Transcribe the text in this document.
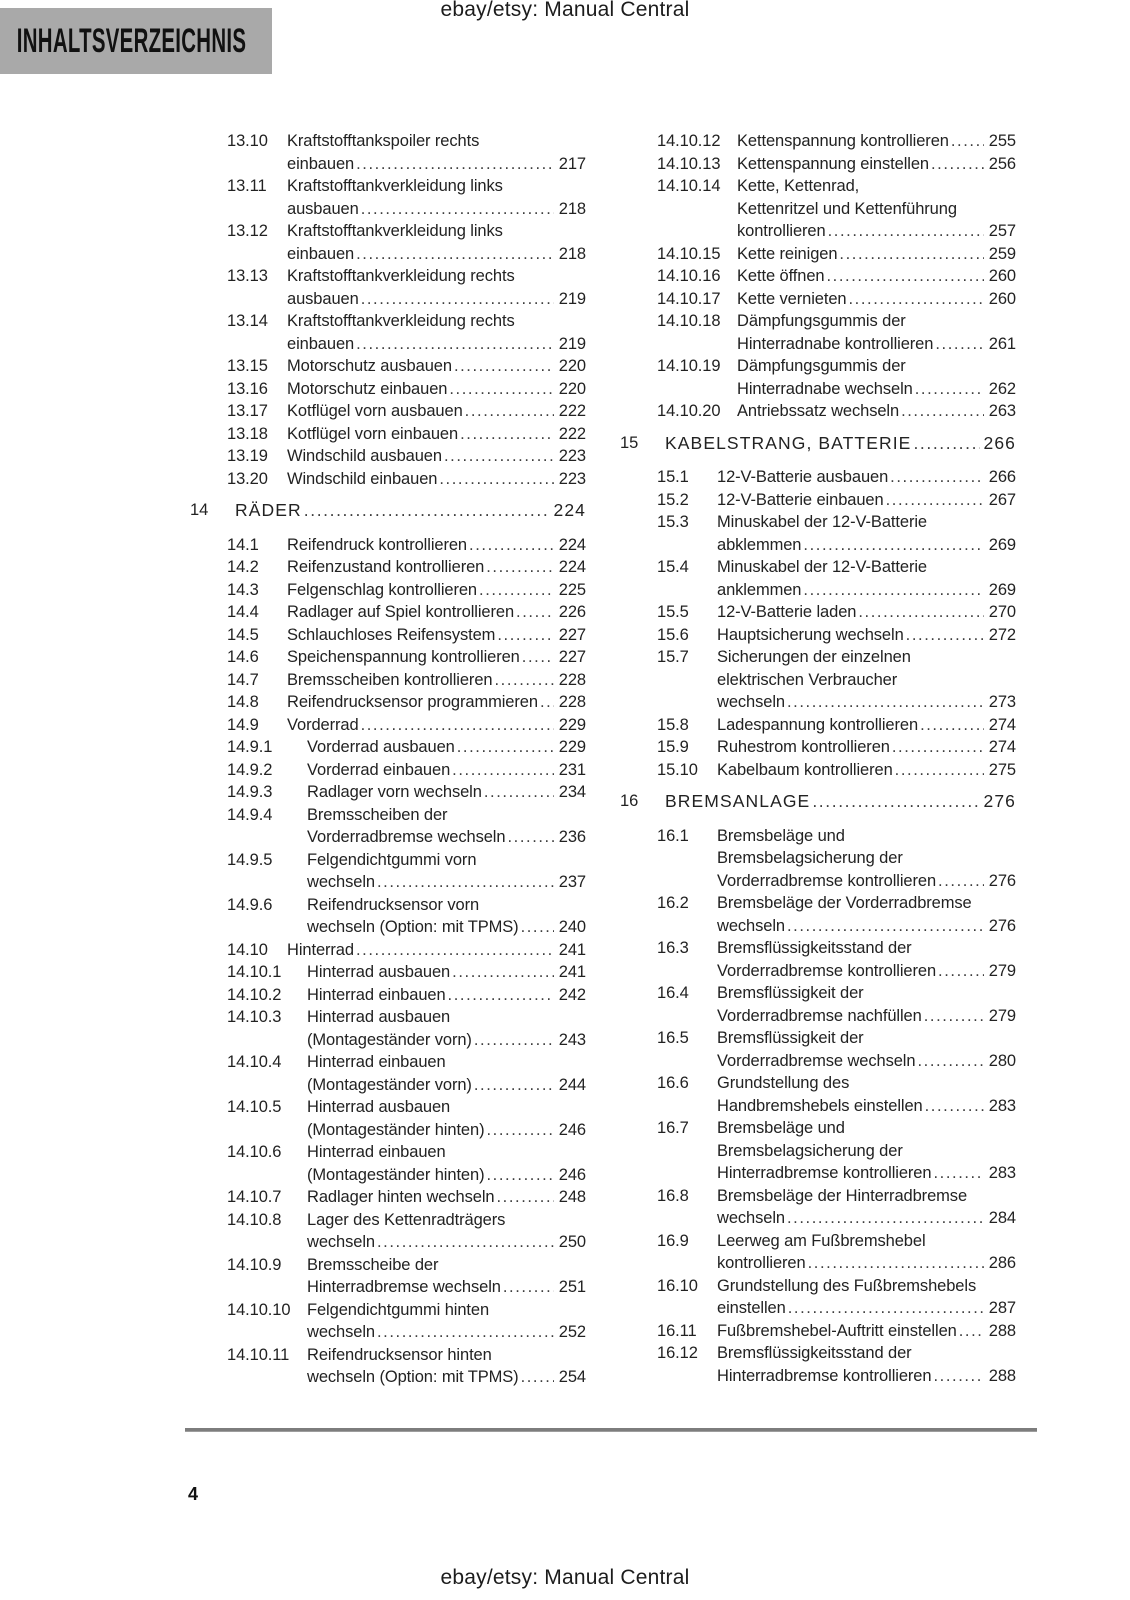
ebay/etsy: Manual Central
INHALTSVERZEICHNIS
13.10	Kraftstofftankspoiler rechts
einbauen .....	217
13.11	Kraftstofftankverkleidung links
ausbauen .....	218
13.12	Kraftstofftankverkleidung links
einbauen .....	218
13.13	Kraftstofftankverkleidung rechts
ausbauen .....	219
13.14	Kraftstofftankverkleidung rechts
einbauen .....	219
13.15	Motorschutz ausbauen .....	220
13.16	Motorschutz einbauen .....	220
13.17	Kotflügel vorn ausbauen .....	222
13.18	Kotflügel vorn einbauen .....	222
13.19	Windschild ausbauen .....	223
13.20	Windschild einbauen .....	223
14	RÄDER .....	224
14.1	Reifendruck kontrollieren .....	224
14.2	Reifenzustand kontrollieren .....	224
14.3	Felgenschlag kontrollieren .....	225
14.4	Radlager auf Spiel kontrollieren .....	226
14.5	Schlauchloses Reifensystem .....	227
14.6	Speichenspannung kontrollieren ..... 227
14.7	Bremsscheiben kontrollieren .....	228
14.8	Reifendrucksensor programmieren ..... 228
14.9	Vorderrad .....	229
14.9.1	Vorderrad ausbauen .....	229
14.9.2	Vorderrad einbauen .....	231
14.9.3	Radlager vorn wechseln .....	234
14.9.4	Bremsscheiben der
Vorderradbremse wechseln .....	236
14.9.5	Felgendichtgummi vorn
wechseln .....	237
14.9.6	Reifendrucksensor vorn
wechseln (Option: mit TPMS) ..... 240
14.10	Hinterrad .....	241
14.10.1	Hinterrad ausbauen .....	241
14.10.2	Hinterrad einbauen .....	242
14.10.3	Hinterrad ausbauen
(Montageständer vorn) .....	243
14.10.4	Hinterrad einbauen
(Montageständer vorn) .....	244
14.10.5	Hinterrad ausbauen
(Montageständer hinten) .....	246
14.10.6	Hinterrad einbauen
(Montageständer hinten) .....	246
14.10.7	Radlager hinten wechseln .....	248
14.10.8	Lager des Kettenradträgers
wechseln .....	250
14.10.9	Bremsscheibe der
Hinterradbremse wechseln .....	251
14.10.10	Felgendichtgummi hinten
wechseln .....	252
14.10.11	Reifendrucksensor hinten
wechseln (Option: mit TPMS) ..... 254
14.10.12	Kettenspannung kontrollieren ..... 255
14.10.13	Kettenspannung einstellen .....	256
14.10.14	Kette, Kettenrad,
Kettenritzel und Kettenführung
kontrollieren .....	257
14.10.15	Kette reinigen .....	259
14.10.16	Kette öffnen .....	260
14.10.17	Kette vernieten .....	260
14.10.18	Dämpfungsgummis der
Hinterradnabe kontrollieren .....	261
14.10.19	Dämpfungsgummis der
Hinterradnabe wechseln .....	262
14.10.20	Antriebssatz wechseln .....	263
15	KABELSTRANG, BATTERIE .....	266
15.1	12-V-Batterie ausbauen .....	266
15.2	12-V-Batterie einbauen .....	267
15.3	Minuskabel der 12-V-Batterie
abklemmen .....	269
15.4	Minuskabel der 12-V-Batterie
anklemmen .....	269
15.5	12-V-Batterie laden .....	270
15.6	Hauptsicherung wechseln .....	272
15.7	Sicherungen der einzelnen
elektrischen Verbraucher
wechseln .....	273
15.8	Ladespannung kontrollieren .....	274
15.9	Ruhestrom kontrollieren .....	274
15.10	Kabelbaum kontrollieren .....	275
16	BREMSANLAGE .....	276
16.1	Bremsbeläge und
Bremsbelagsicherung der
Vorderradbremse kontrollieren .....	276
16.2	Bremsbeläge der Vorderradbremse
wechseln .....	276
16.3	Bremsflüssigkeitsstand der
Vorderradbremse kontrollieren .....	279
16.4	Bremsflüssigkeit der
Vorderradbremse nachfüllen .....	279
16.5	Bremsflüssigkeit der
Vorderradbremse wechseln .....	280
16.6	Grundstellung des
Handbremshebels einstellen .....	283
16.7	Bremsbeläge und
Bremsbelagsicherung der
Hinterradbremse kontrollieren .....	283
16.8	Bremsbeläge der Hinterradbremse
wechseln .....	284
16.9	Leerweg am Fußbremshebel
kontrollieren .....	286
16.10	Grundstellung des Fußbremshebels
einstellen .....	287
16.11	Fußbremshebel-Auftritt einstellen ..... 288
16.12	Bremsflüssigkeitsstand der
Hinterradbremse kontrollieren .....	288
4
ebay/etsy: Manual Central
